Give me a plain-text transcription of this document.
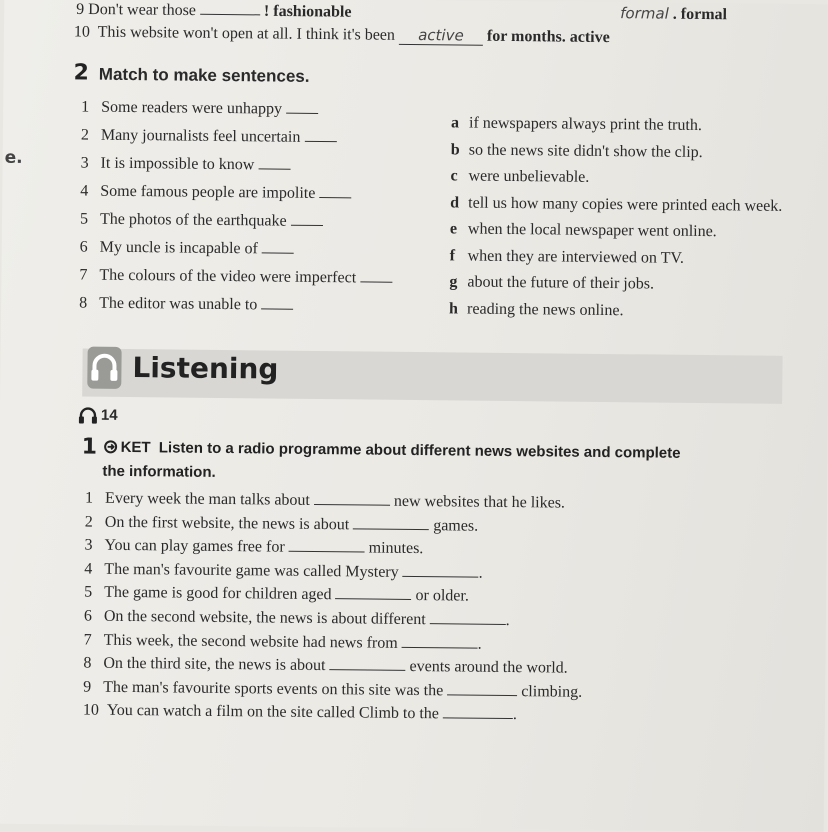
9 Don't wear those	! fashionable	formal . formal
10 This website won't open at all. I think it's been active for months. active
2 Match to make sentences.
e.
1 Some readers were unhappy
2 Many journalists feel uncertain
3 It is impossible to know
4 Some famous people are impolite
5 The photos of the earthquake
6 My uncle is incapable of
7 The colours of the video were imperfect
8 The editor was unable to
a if newspapers always print the truth.
b so the news site didn't show the clip.
c were unbelievable.
d tell us how many copies were printed each week.
e when the local newspaper went online.
f when they are interviewed on TV.
g about the future of their jobs.
h reading the news online.
Listening
14
1 KET Listen to a radio programme about different news websites and complete
the information.
1 Every week the man talks about	new websites that he likes.
2 On the first website, the news is about	games.
3 You can play games free for	minutes.
4 The man's favourite game was called Mystery	.
5 The game is good for children aged	or older.
6 On the second website, the news is about different	.
7 This week, the second website had news from	.
8 On the third site, the news is about	events around the world.
9 The man's favourite sports events on this site was the	climbing.
10 You can watch a film on the site called Climb to the	.
